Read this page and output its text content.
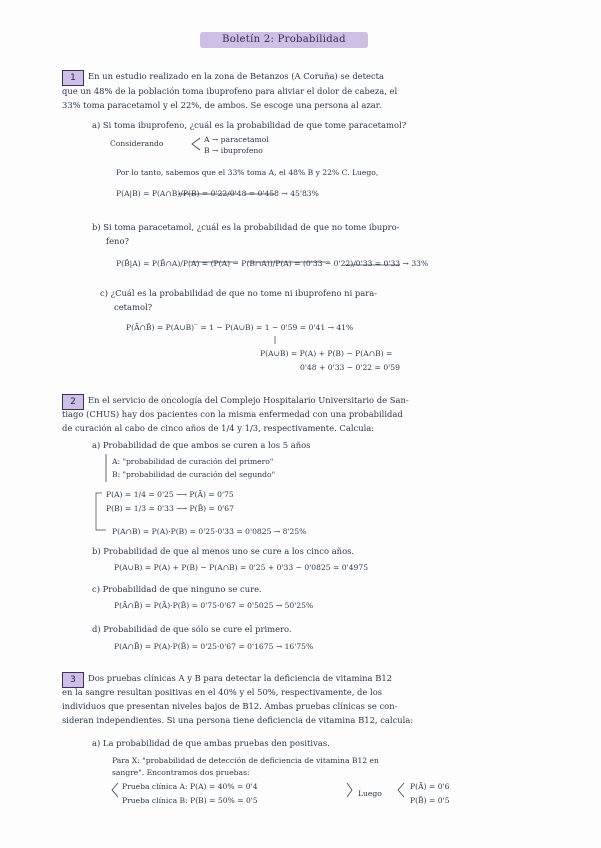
Boletín 2: Probabilidad
1	En un estudio realizado en la zona de Betanzos (A Coruña) se detecta
que un 48% de la población toma ibuprofeno para aliviar el dolor de cabeza, el
33% toma paracetamol y el 22%, de ambos. Se escoge una persona al azar.
a) Si toma ibuprofeno, ¿cuál es la probabilidad de que tome paracetamol?
Considerando	A → paracetamol
B → ibuprofeno
Por lo tanto, sabemos que el 33% toma A, el 48% B y 22% C. Luego,
P(A|B) = P(A∩B)/P(B) = 0'22/0'48 = 0'458 → 45'83%
b) Si toma paracetamol, ¿cuál es la probabilidad de que no tome ibupro-
feno?
P(B̄|A) = P(B̄∩A)/P(A) = (P(A) − P(B∩A))/P(A) = (0'33 − 0'22)/0'33 = 0'33 → 33%
c) ¿Cuál es la probabilidad de que no tome ni ibuprofeno ni para-
cetamol?
P(Ā∩B̄) = P(A∪B)‾ = 1 − P(A∪B) = 1 − 0'59 = 0'41 → 41%
P(A∪B) = P(A) + P(B) − P(A∩B) =
0'48 + 0'33 − 0'22 = 0'59
2	En el servicio de oncología del Complejo Hospitalario Universitario de San-
tiago (CHUS) hay dos pacientes con la misma enfermedad con una probabilidad
de curación al cabo de cinco años de 1/4 y 1/3, respectivamente. Calcula:
a) Probabilidad de que ambos se curen a los 5 años
A: "probabilidad de curación del primero"
B: "probabilidad de curación del segundo"
P(A) = 1/4 = 0'25 ⟶ P(Ā) = 0'75
P(B) = 1/3 = 0'33 ⟶ P(B̄) = 0'67
P(A∩B) = P(A)·P(B) = 0'25·0'33 = 0'0825 → 8'25%
b) Probabilidad de que al menos uno se cure a los cinco años.
P(A∪B) = P(A) + P(B) − P(A∩B) = 0'25 + 0'33 − 0'0825 = 0'4975
c) Probabilidad de que ninguno se cure.
P(Ā∩B̄) = P(Ā)·P(B̄) = 0'75·0'67 = 0'5025 → 50'25%
d) Probabilidad de que sólo se cure el primero.
P(A∩B̄) = P(A)·P(B̄) = 0'25·0'67 = 0'1675 → 16'75%
3	Dos pruebas clínicas A y B para detectar la deficiencia de vitamina B12
en la sangre resultan positivas en el 40% y el 50%, respectivamente, de los
individuos que presentan niveles bajos de B12. Ambas pruebas clínicas se con-
sideran independientes. Si una persona tiene deficiencia de vitamina B12, calcula:
a) La probabilidad de que ambas pruebas den positivas.
Para X: "probabilidad de detección de deficiencia de vitamina B12 en
sangre". Encontramos dos pruebas:
Prueba clínica A: P(A) = 40% = 0'4
Prueba clínica B: P(B) = 50% = 0'5
Luego
P(Ā) = 0'6
P(B̄) = 0'5
